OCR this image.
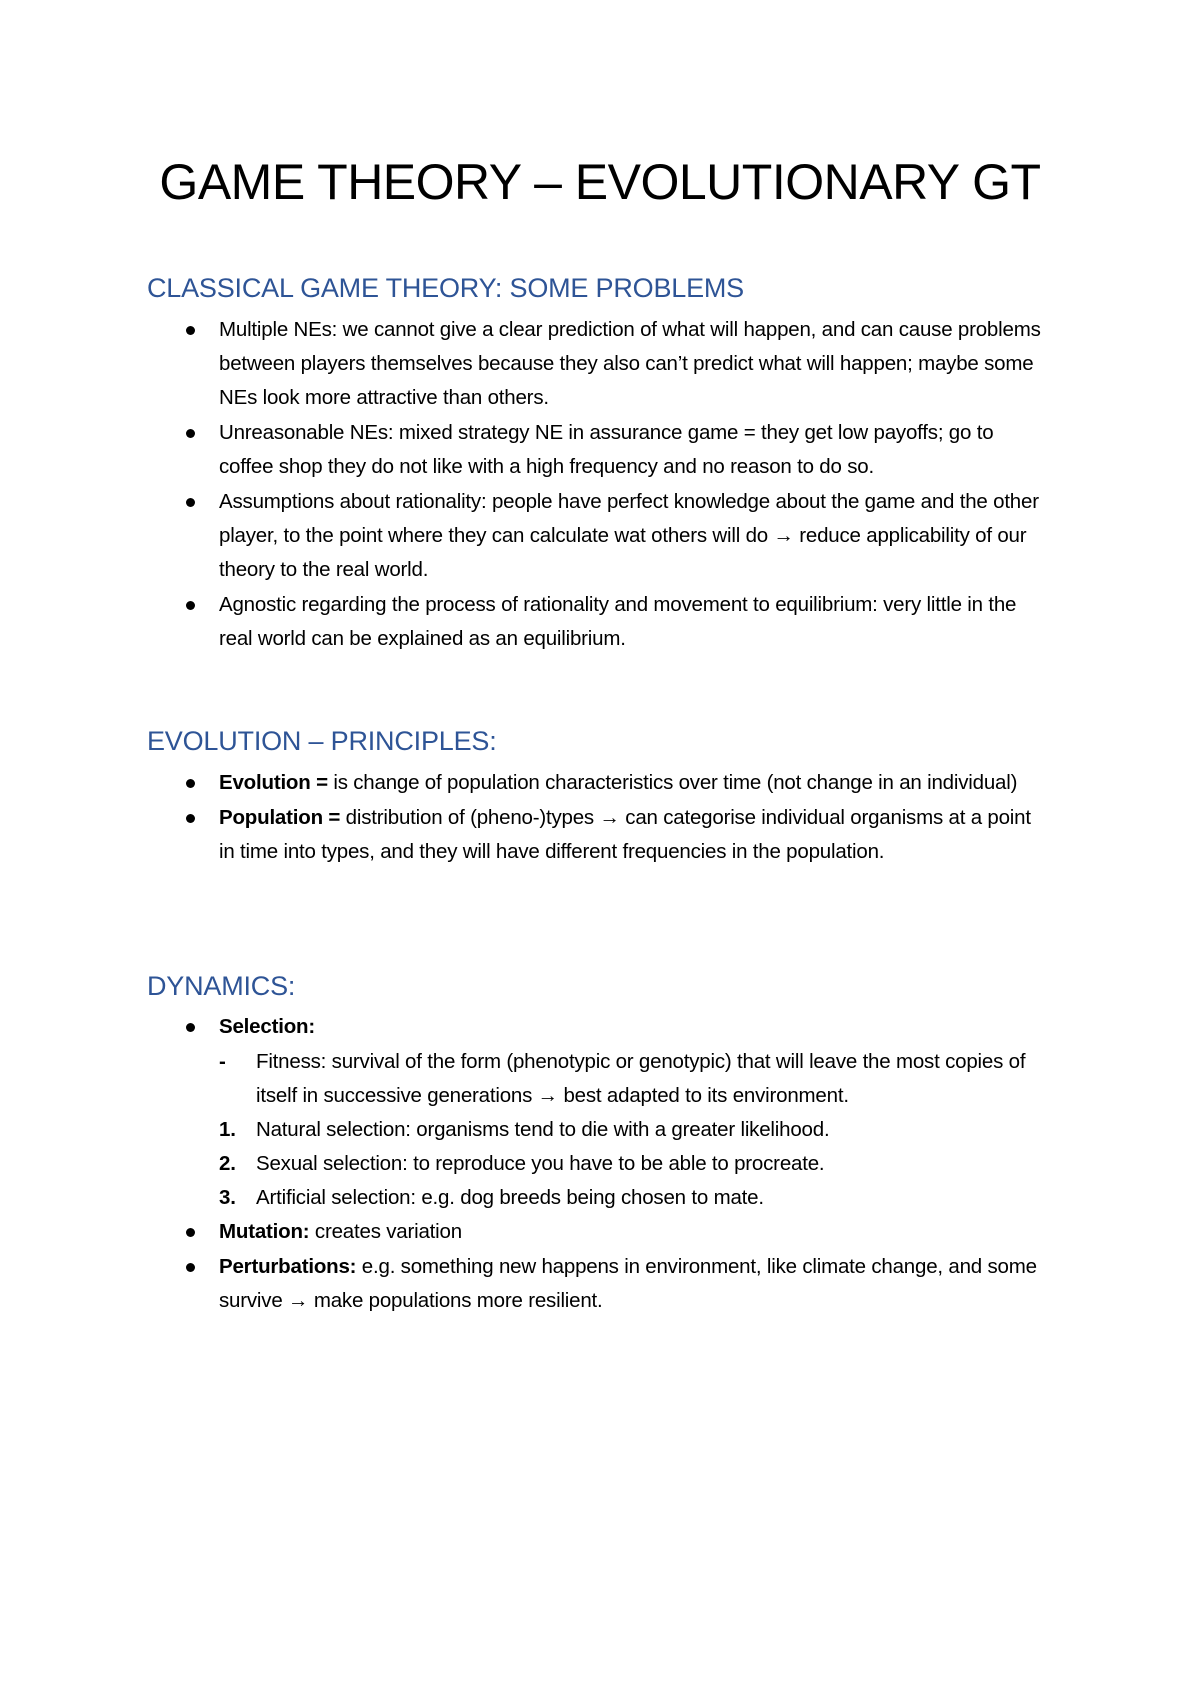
GAME THEORY – EVOLUTIONARY GT
CLASSICAL GAME THEORY: SOME PROBLEMS
Multiple NEs: we cannot give a clear prediction of what will happen, and can cause problems between players themselves because they also can’t predict what will happen; maybe some NEs look more attractive than others.
Unreasonable NEs: mixed strategy NE in assurance game = they get low payoffs; go to coffee shop they do not like with a high frequency and no reason to do so.
Assumptions about rationality: people have perfect knowledge about the game and the other player, to the point where they can calculate wat others will do → reduce applicability of our theory to the real world.
Agnostic regarding the process of rationality and movement to equilibrium: very little in the real world can be explained as an equilibrium.
EVOLUTION – PRINCIPLES:
Evolution = is change of population characteristics over time (not change in an individual)
Population = distribution of (pheno-)types → can categorise individual organisms at a point in time into types, and they will have different frequencies in the population.
DYNAMICS:
Selection:
- Fitness: survival of the form (phenotypic or genotypic) that will leave the most copies of itself in successive generations → best adapted to its environment.
1. Natural selection: organisms tend to die with a greater likelihood.
2. Sexual selection: to reproduce you have to be able to procreate.
3. Artificial selection: e.g. dog breeds being chosen to mate.
Mutation: creates variation
Perturbations: e.g. something new happens in environment, like climate change, and some survive → make populations more resilient.
